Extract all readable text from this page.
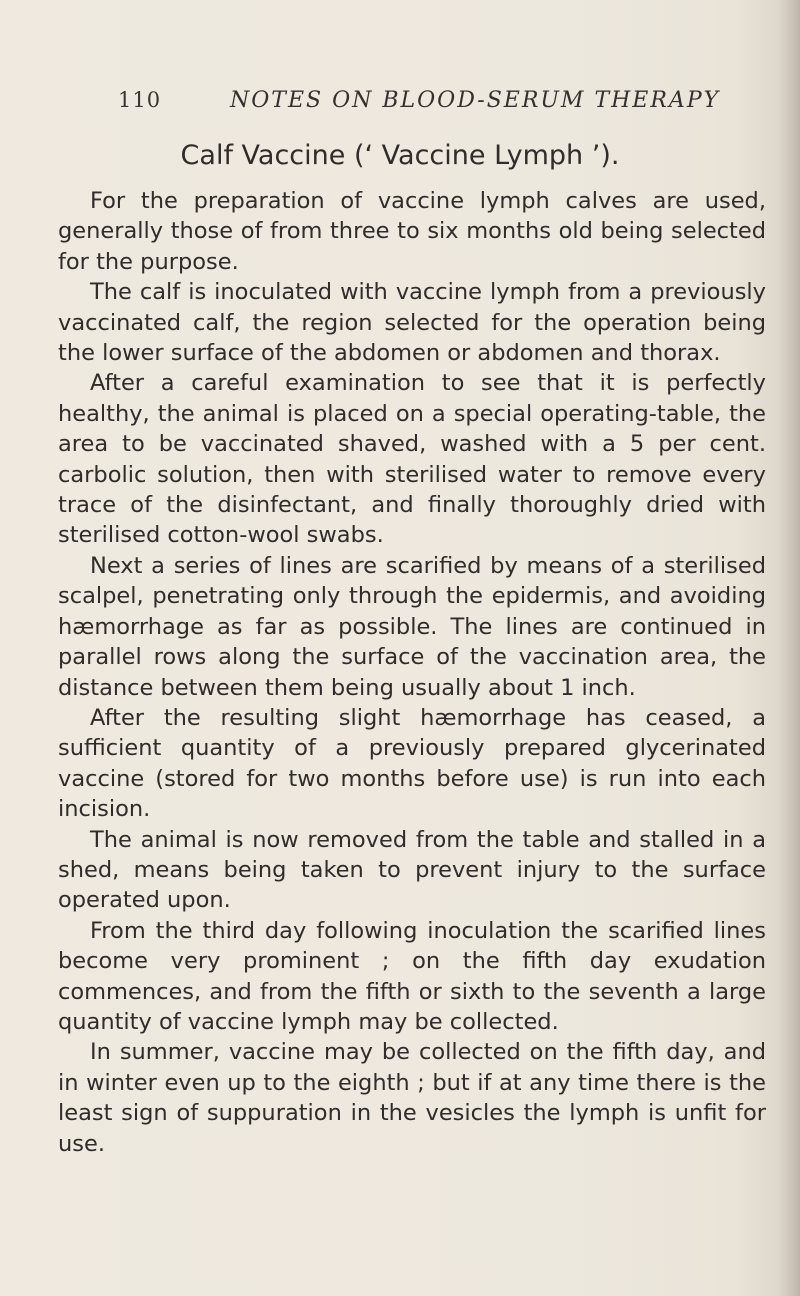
110	NOTES ON BLOOD-SERUM THERAPY
Calf Vaccine (‘ Vaccine Lymph ’).

For the preparation of vaccine lymph calves are used, generally those of from three to six months old being selected for the purpose.

The calf is inoculated with vaccine lymph from a previously vaccinated calf, the region selected for the operation being the lower surface of the abdomen or abdomen and thorax.

After a careful examination to see that it is perfectly healthy, the animal is placed on a special operating-table, the area to be vaccinated shaved, washed with a 5 per cent. carbolic solution, then with sterilised water to remove every trace of the disinfectant, and finally thoroughly dried with sterilised cotton-wool swabs.

Next a series of lines are scarified by means of a sterilised scalpel, penetrating only through the epidermis, and avoiding hæmorrhage as far as possible. The lines are continued in parallel rows along the surface of the vaccination area, the distance between them being usually about 1 inch.

After the resulting slight hæmorrhage has ceased, a sufficient quantity of a previously prepared glycerinated vaccine (stored for two months before use) is run into each incision.

The animal is now removed from the table and stalled in a shed, means being taken to prevent injury to the surface operated upon.

From the third day following inoculation the scarified lines become very prominent ; on the fifth day exudation commences, and from the fifth or sixth to the seventh a large quantity of vaccine lymph may be collected.

In summer, vaccine may be collected on the fifth day, and in winter even up to the eighth ; but if at any time there is the least sign of suppuration in the vesicles the lymph is unfit for use.
